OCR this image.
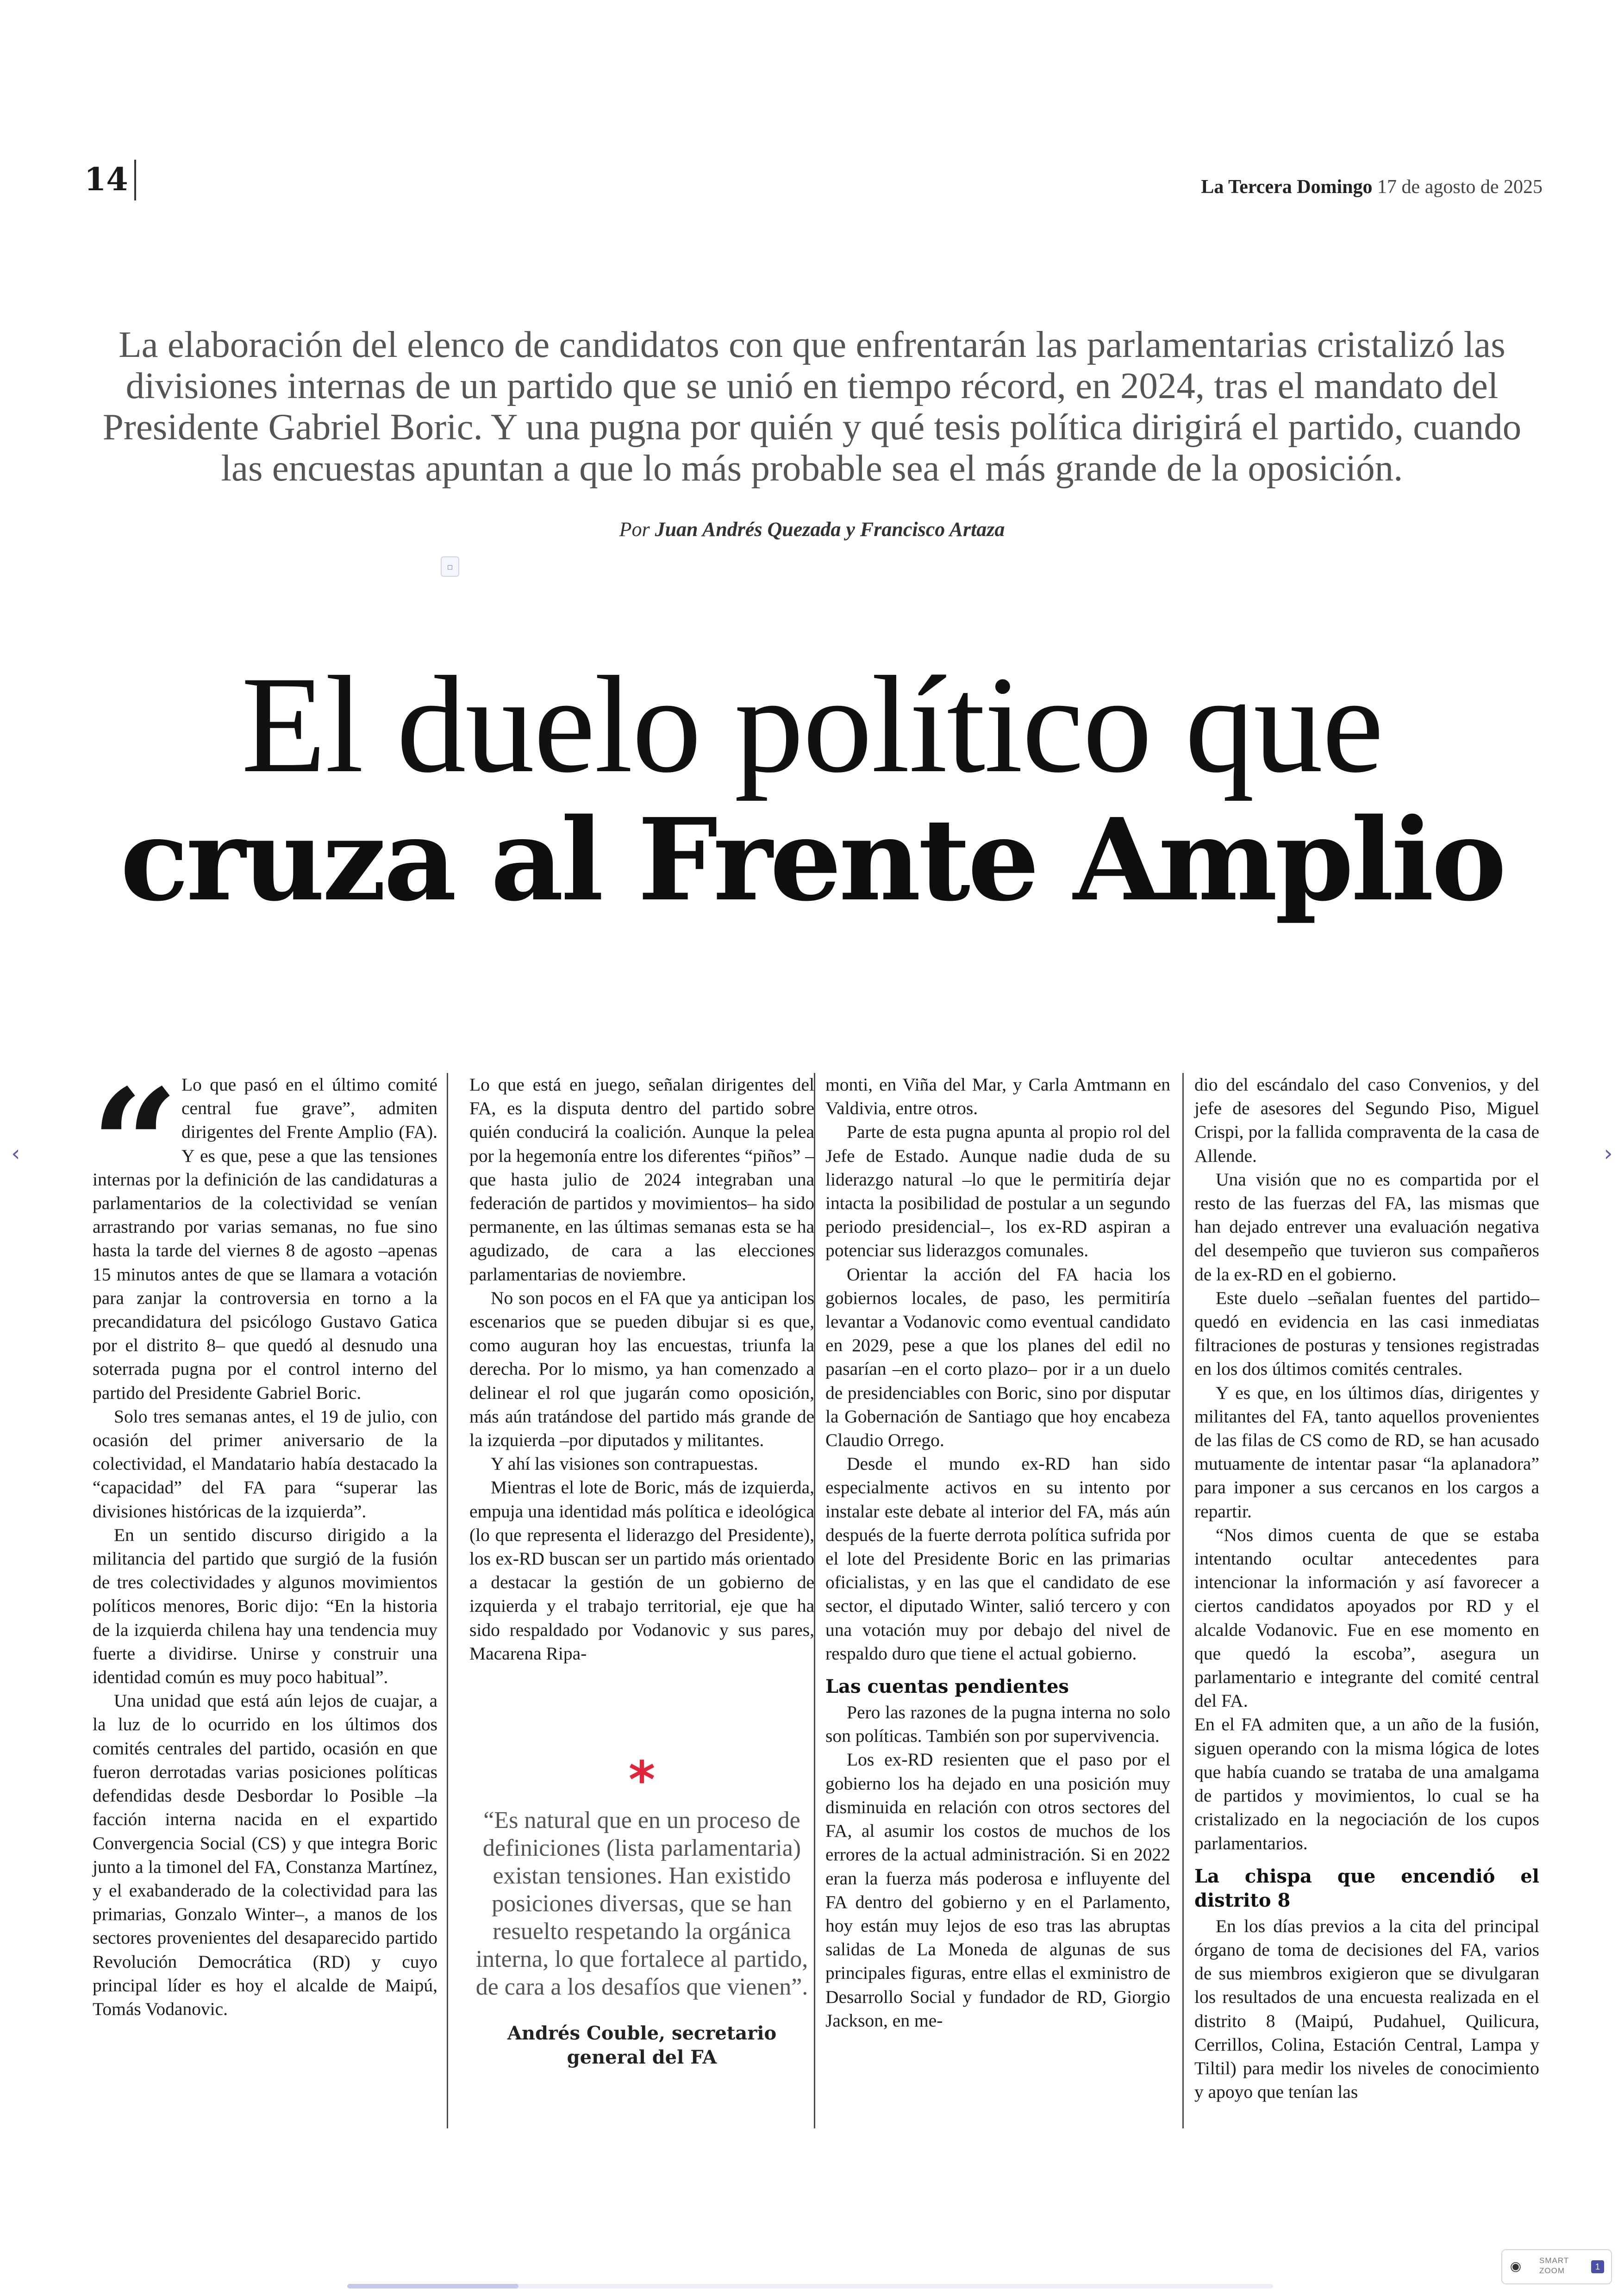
14	La Tercera Domingo 17 de agosto de 2025
La elaboración del elenco de candidatos con que enfrentarán las parlamentarias cristalizó las divisiones internas de un partido que se unió en tiempo récord, en 2024, tras el mandato del Presidente Gabriel Boric. Y una pugna por quién y qué tesis política dirigirá el partido, cuando las encuestas apuntan a que lo más probable sea el más grande de la oposición.
Por Juan Andrés Quezada y Francisco Artaza
▫
El duelo político que
cruza al Frente Amplio
“ Lo que pasó en el último comité central fue grave”, admiten dirigentes del Frente Amplio (FA). Y es que, pese a que las tensiones internas por la definición de las candidaturas a parlamentarios de la colectividad se venían arrastrando por varias semanas, no fue sino hasta la tarde del viernes 8 de agosto –apenas 15 minutos antes de que se llamara a votación para zanjar la controversia en torno a la precandidatura del psicólogo Gustavo Gatica por el distrito 8– que quedó al desnudo una soterrada pugna por el control interno del partido del Presidente Gabriel Boric.

Solo tres semanas antes, el 19 de julio, con ocasión del primer aniversario de la colectividad, el Mandatario había destacado la “capacidad” del FA para “superar las divisiones históricas de la izquierda”.

En un sentido discurso dirigido a la militancia del partido que surgió de la fusión de tres colectividades y algunos movimientos políticos menores, Boric dijo: “En la historia de la izquierda chilena hay una tendencia muy fuerte a dividirse. Unirse y construir una identidad común es muy poco habitual”.

Una unidad que está aún lejos de cuajar, a la luz de lo ocurrido en los últimos dos comités centrales del partido, ocasión en que fueron derrotadas varias posiciones políticas defendidas desde Desbordar lo Posible –la facción interna nacida en el expartido Convergencia Social (CS) y que integra Boric junto a la timonel del FA, Constanza Martínez, y el exabanderado de la colectividad para las primarias, Gonzalo Winter–, a manos de los sectores provenientes del desaparecido partido Revolución Democrática (RD) y cuyo principal líder es hoy el alcalde de Maipú, Tomás Vodanovic.

Lo que está en juego, señalan dirigentes del FA, es la disputa dentro del partido sobre quién conducirá la coalición. Aunque la pelea por la hegemonía entre los diferentes “piños” –que hasta julio de 2024 integraban una federación de partidos y movimientos– ha sido permanente, en las últimas semanas esta se ha agudizado, de cara a las elecciones parlamentarias de noviembre.

No son pocos en el FA que ya anticipan los escenarios que se pueden dibujar si es que, como auguran hoy las encuestas, triunfa la derecha. Por lo mismo, ya han comenzado a delinear el rol que jugarán como oposición, más aún tratándose del partido más grande de la izquierda –por diputados y militantes.

Y ahí las visiones son contrapuestas.

Mientras el lote de Boric, más de izquierda, empuja una identidad más política e ideológica (lo que representa el liderazgo del Presidente), los ex-RD buscan ser un partido más orientado a destacar la gestión de un gobierno de izquierda y el trabajo territorial, eje que ha sido respaldado por Vodanovic y sus pares, Macarena Ripa-

*
“Es natural que en un proceso de definiciones (lista parlamentaria) existan tensiones. Han existido posiciones diversas, que se han resuelto respetando la orgánica interna, lo que fortalece al partido, de cara a los desafíos que vienen”.
Andrés Couble, secretario general del FA

monti, en Viña del Mar, y Carla Amtmann en Valdivia, entre otros.

Parte de esta pugna apunta al propio rol del Jefe de Estado. Aunque nadie duda de su liderazgo natural –lo que le permitiría dejar intacta la posibilidad de postular a un segundo periodo presidencial–, los ex-RD aspiran a potenciar sus liderazgos comunales.

Orientar la acción del FA hacia los gobiernos locales, de paso, les permitiría levantar a Vodanovic como eventual candidato en 2029, pese a que los planes del edil no pasarían –en el corto plazo– por ir a un duelo de presidenciables con Boric, sino por disputar la Gobernación de Santiago que hoy encabeza Claudio Orrego.

Desde el mundo ex-RD han sido especialmente activos en su intento por instalar este debate al interior del FA, más aún después de la fuerte derrota política sufrida por el lote del Presidente Boric en las primarias oficialistas, y en las que el candidato de ese sector, el diputado Winter, salió tercero y con una votación muy por debajo del nivel de respaldo duro que tiene el actual gobierno.

Las cuentas pendientes

Pero las razones de la pugna interna no solo son políticas. También son por supervivencia.

Los ex-RD resienten que el paso por el gobierno los ha dejado en una posición muy disminuida en relación con otros sectores del FA, al asumir los costos de muchos de los errores de la actual administración. Si en 2022 eran la fuerza más poderosa e influyente del FA dentro del gobierno y en el Parlamento, hoy están muy lejos de eso tras las abruptas salidas de La Moneda de algunas de sus principales figuras, entre ellas el exministro de Desarrollo Social y fundador de RD, Giorgio Jackson, en me-

dio del escándalo del caso Convenios, y del jefe de asesores del Segundo Piso, Miguel Crispi, por la fallida compraventa de la casa de Allende.

Una visión que no es compartida por el resto de las fuerzas del FA, las mismas que han dejado entrever una evaluación negativa del desempeño que tuvieron sus compañeros de la ex-RD en el gobierno.

Este duelo –señalan fuentes del partido– quedó en evidencia en las casi inmediatas filtraciones de posturas y tensiones registradas en los dos últimos comités centrales.

Y es que, en los últimos días, dirigentes y militantes del FA, tanto aquellos provenientes de las filas de CS como de RD, se han acusado mutuamente de intentar pasar “la aplanadora” para imponer a sus cercanos en los cargos a repartir.

“Nos dimos cuenta de que se estaba intentando ocultar antecedentes para intencionar la información y así favorecer a ciertos candidatos apoyados por RD y el alcalde Vodanovic. Fue en ese momento en que quedó la escoba”, asegura un parlamentario e integrante del comité central del FA.

En el FA admiten que, a un año de la fusión, siguen operando con la misma lógica de lotes que había cuando se trataba de una amalgama de partidos y movimientos, lo cual se ha cristalizado en la negociación de los cupos parlamentarios.

La chispa que encendió el distrito 8

En los días previos a la cita del principal órgano de toma de decisiones del FA, varios de sus miembros exigieron que se divulgaran los resultados de una encuesta realizada en el distrito 8 (Maipú, Pudahuel, Quilicura, Cerrillos, Colina, Estación Central, Lampa y Tiltil) para medir los niveles de conocimiento y apoyo que tenían las

‹	›
◉ SMART ZOOM	1
